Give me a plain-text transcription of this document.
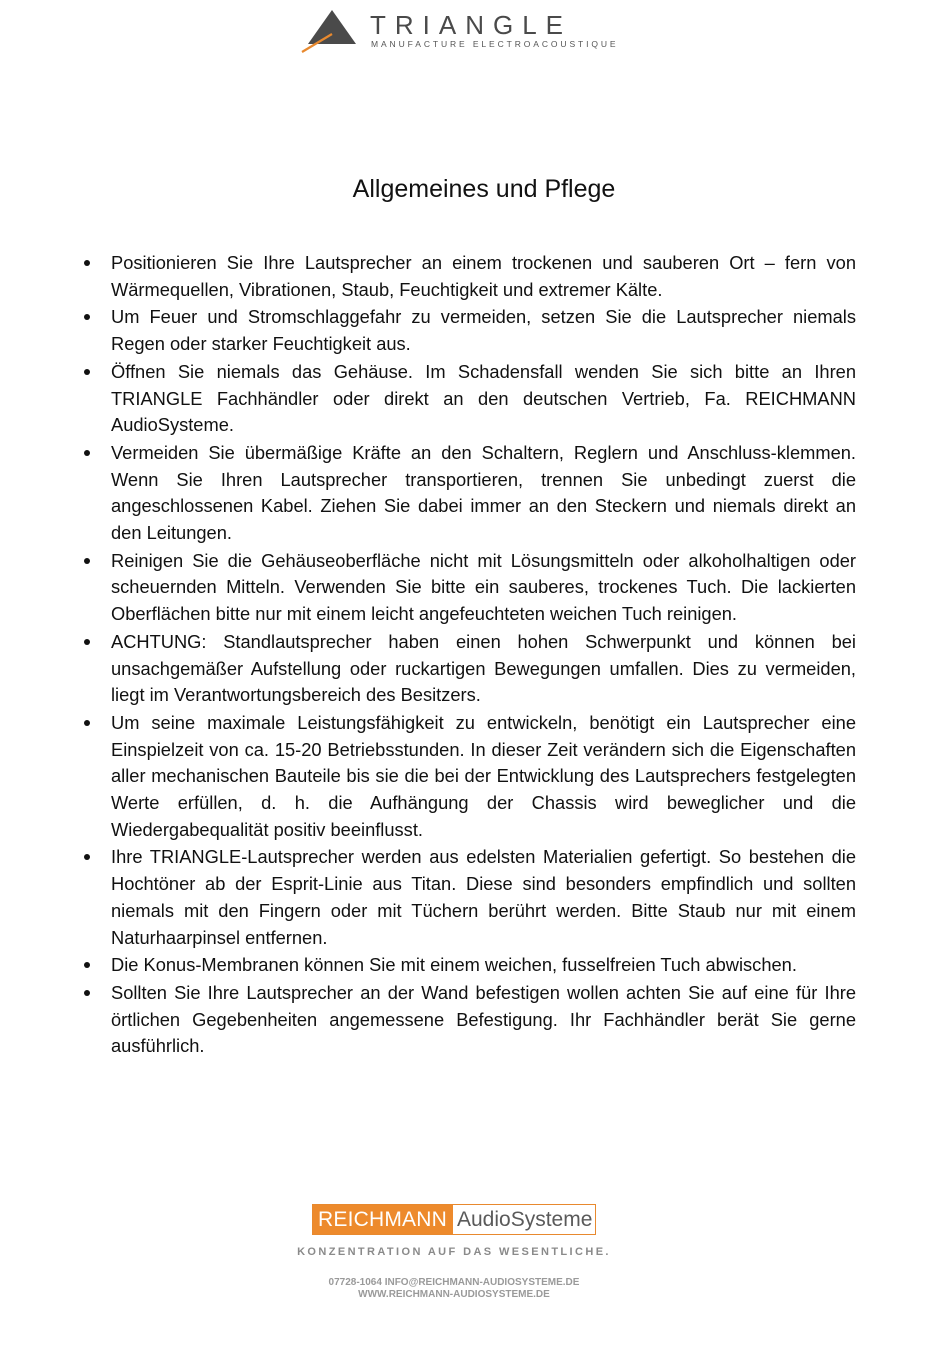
TRIANGLE
MANUFACTURE ELECTROACOUSTIQUE
Allgemeines und Pflege
Positionieren Sie Ihre Lautsprecher an einem trockenen und sauberen Ort – fern von Wärmequellen, Vibrationen, Staub, Feuchtigkeit und extremer Kälte.
Um Feuer und Stromschlaggefahr zu vermeiden, setzen Sie die Lautsprecher niemals Regen oder starker Feuchtigkeit aus.
Öffnen Sie niemals das Gehäuse. Im Schadensfall wenden Sie sich bitte an Ihren TRIANGLE Fachhändler oder direkt an den deutschen Vertrieb, Fa. REICHMANN AudioSysteme.
Vermeiden Sie übermäßige Kräfte an den Schaltern, Reglern und Anschluss-klemmen. Wenn Sie Ihren Lautsprecher transportieren, trennen Sie unbedingt zuerst die angeschlossenen Kabel. Ziehen Sie dabei immer an den Steckern und niemals direkt an den Leitungen.
Reinigen Sie die Gehäuseoberfläche nicht mit Lösungsmitteln oder alkoholhaltigen oder scheuernden Mitteln. Verwenden Sie bitte ein sauberes, trockenes Tuch. Die lackierten Oberflächen bitte nur mit einem leicht angefeuchteten weichen Tuch reinigen.
ACHTUNG: Standlautsprecher haben einen hohen Schwerpunkt und können bei unsachgemäßer Aufstellung oder ruckartigen Bewegungen umfallen. Dies zu vermeiden, liegt im Verantwortungsbereich des Besitzers.
Um seine maximale Leistungsfähigkeit zu entwickeln, benötigt ein Lautsprecher eine Einspielzeit von ca. 15-20 Betriebsstunden. In dieser Zeit verändern sich die Eigenschaften aller mechanischen Bauteile bis sie die bei der Entwicklung des Lautsprechers festgelegten Werte erfüllen, d. h. die Aufhängung der Chassis wird beweglicher und die Wiedergabequalität positiv beeinflusst.
Ihre TRIANGLE-Lautsprecher werden aus edelsten Materialien gefertigt. So bestehen die Hochtöner ab der Esprit-Linie aus Titan. Diese sind besonders empfindlich und sollten niemals mit den Fingern oder mit Tüchern berührt werden. Bitte Staub nur mit einem Naturhaarpinsel entfernen.
Die Konus-Membranen können Sie mit einem weichen, fusselfreien Tuch abwischen.
Sollten Sie Ihre Lautsprecher an der Wand befestigen wollen achten Sie auf eine für Ihre örtlichen Gegebenheiten angemessene Befestigung. Ihr Fachhändler berät Sie gerne ausführlich.
REICHMANN AudioSysteme
KONZENTRATION AUF DAS WESENTLICHE.
07728-1064 INFO@REICHMANN-AUDIOSYSTEME.DE
WWW.REICHMANN-AUDIOSYSTEME.DE
